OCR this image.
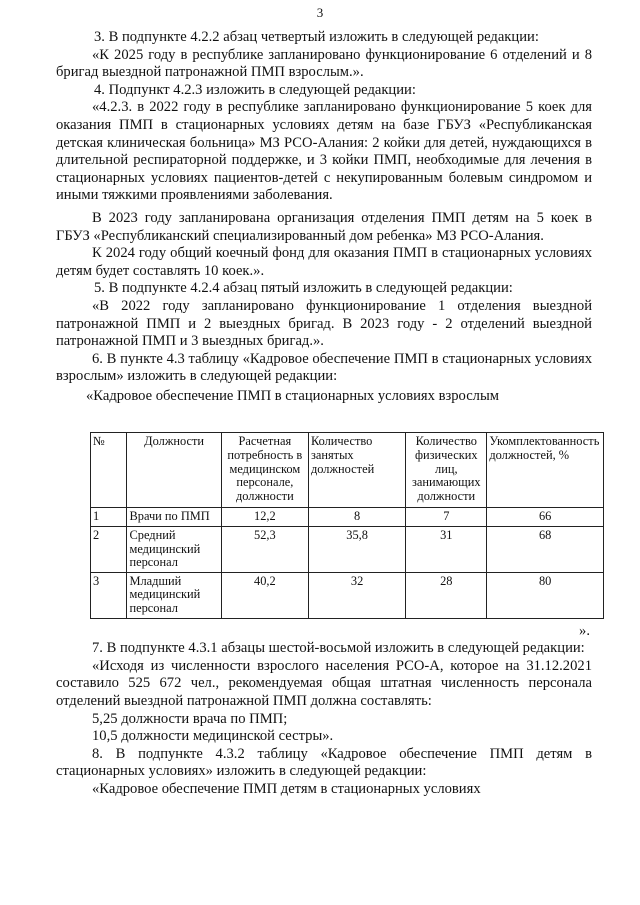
3

3. В подпункте 4.2.2 абзац четвертый изложить в следующей редакции:

«К 2025 году в республике запланировано функционирование 6 отделений и 8 бригад выездной патронажной ПМП взрослым.».

4. Подпункт 4.2.3 изложить в следующей редакции:

«4.2.3. в 2022 году в республике запланировано функционирование 5 коек для оказания ПМП в стационарных условиях детям на базе ГБУЗ «Республиканская детская клиническая больница» МЗ РСО-Алания: 2 койки для детей, нуждающихся в длительной респираторной поддержке, и 3 койки ПМП, необходимые для лечения в стационарных условиях пациентов-детей с некупированным болевым синдромом и иными тяжкими проявлениями заболевания.

В 2023 году запланирована организация отделения ПМП детям на 5 коек в ГБУЗ «Республиканский специализированный дом ребенка» МЗ РСО-Алания.

К 2024 году общий коечный фонд для оказания ПМП в стационарных условиях детям будет составлять 10 коек.».

5. В подпункте 4.2.4 абзац пятый изложить в следующей редакции:

«В 2022 году запланировано функционирование 1 отделения выездной патронажной ПМП и 2 выездных бригад. В 2023 году - 2 отделений выездной патронажной ПМП и 3 выездных бригад.».

6. В пункте 4.3 таблицу «Кадровое обеспечение ПМП в стационарных условиях взрослым» изложить в следующей редакции:

«Кадровое обеспечение ПМП в стационарных условиях взрослым

№	Должности	Расчетная потребность в медицинском персонале, должности	Количество занятых должностей	Количество физических лиц, занимающих должности	Укомплектованность должностей, %
1	Врачи по ПМП	12,2	8	7	66
2	Средний медицинский персонал	52,3	35,8	31	68
3	Младший медицинский персонал	40,2	32	28	80

».

7. В подпункте 4.3.1 абзацы шестой-восьмой изложить в следующей редакции:

«Исходя из численности взрослого населения РСО-А, которое на 31.12.2021 составило 525 672 чел., рекомендуемая общая штатная численность персонала отделений выездной патронажной ПМП должна составлять:

5,25 должности врача по ПМП;

10,5 должности медицинской сестры».

8. В подпункте 4.3.2 таблицу «Кадровое обеспечение ПМП детям в стационарных условиях» изложить в следующей редакции:

«Кадровое обеспечение ПМП детям в стационарных условиях
